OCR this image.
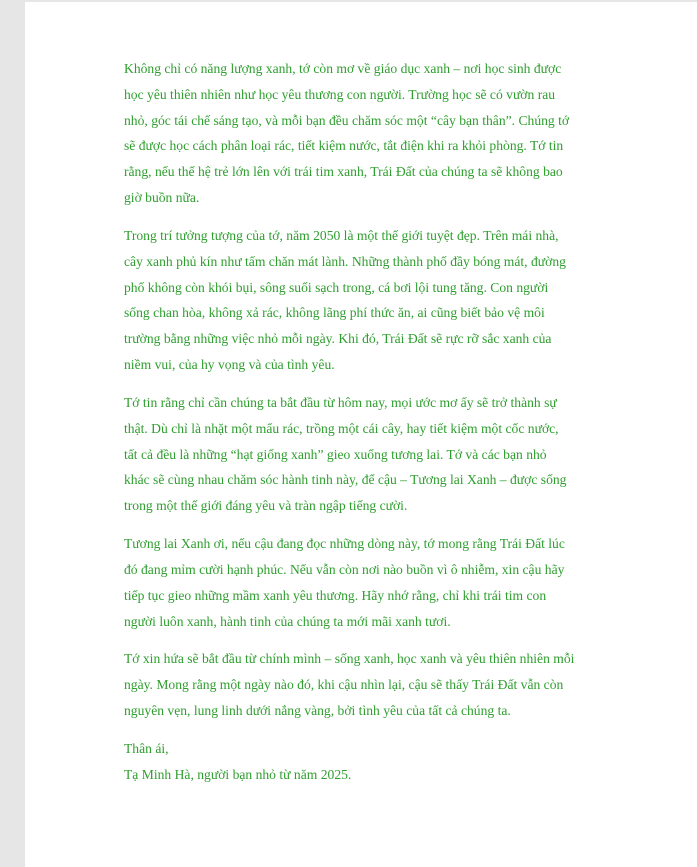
Không chỉ có năng lượng xanh, tớ còn mơ về giáo dục xanh – nơi học sinh được
học yêu thiên nhiên như học yêu thương con người. Trường học sẽ có vườn rau
nhỏ, góc tái chế sáng tạo, và mỗi bạn đều chăm sóc một “cây bạn thân”. Chúng tớ
sẽ được học cách phân loại rác, tiết kiệm nước, tắt điện khi ra khỏi phòng. Tớ tin
rằng, nếu thế hệ trẻ lớn lên với trái tim xanh, Trái Đất của chúng ta sẽ không bao
giờ buồn nữa.

Trong trí tưởng tượng của tớ, năm 2050 là một thế giới tuyệt đẹp. Trên mái nhà,
cây xanh phủ kín như tấm chăn mát lành. Những thành phố đầy bóng mát, đường
phố không còn khói bụi, sông suối sạch trong, cá bơi lội tung tăng. Con người
sống chan hòa, không xả rác, không lãng phí thức ăn, ai cũng biết bảo vệ môi
trường bằng những việc nhỏ mỗi ngày. Khi đó, Trái Đất sẽ rực rỡ sắc xanh của
niềm vui, của hy vọng và của tình yêu.

Tớ tin rằng chỉ cần chúng ta bắt đầu từ hôm nay, mọi ước mơ ấy sẽ trở thành sự
thật. Dù chỉ là nhặt một mẩu rác, trồng một cái cây, hay tiết kiệm một cốc nước,
tất cả đều là những “hạt giống xanh” gieo xuống tương lai. Tớ và các bạn nhỏ
khác sẽ cùng nhau chăm sóc hành tinh này, để cậu – Tương lai Xanh – được sống
trong một thế giới đáng yêu và tràn ngập tiếng cười.

Tương lai Xanh ơi, nếu cậu đang đọc những dòng này, tớ mong rằng Trái Đất lúc
đó đang mỉm cười hạnh phúc. Nếu vẫn còn nơi nào buồn vì ô nhiễm, xin cậu hãy
tiếp tục gieo những mầm xanh yêu thương. Hãy nhớ rằng, chỉ khi trái tim con
người luôn xanh, hành tinh của chúng ta mới mãi xanh tươi.

Tớ xin hứa sẽ bắt đầu từ chính mình – sống xanh, học xanh và yêu thiên nhiên mỗi
ngày. Mong rằng một ngày nào đó, khi cậu nhìn lại, cậu sẽ thấy Trái Đất vẫn còn
nguyên vẹn, lung linh dưới nắng vàng, bởi tình yêu của tất cả chúng ta.

Thân ái,
Tạ Minh Hà, người bạn nhỏ từ năm 2025.
